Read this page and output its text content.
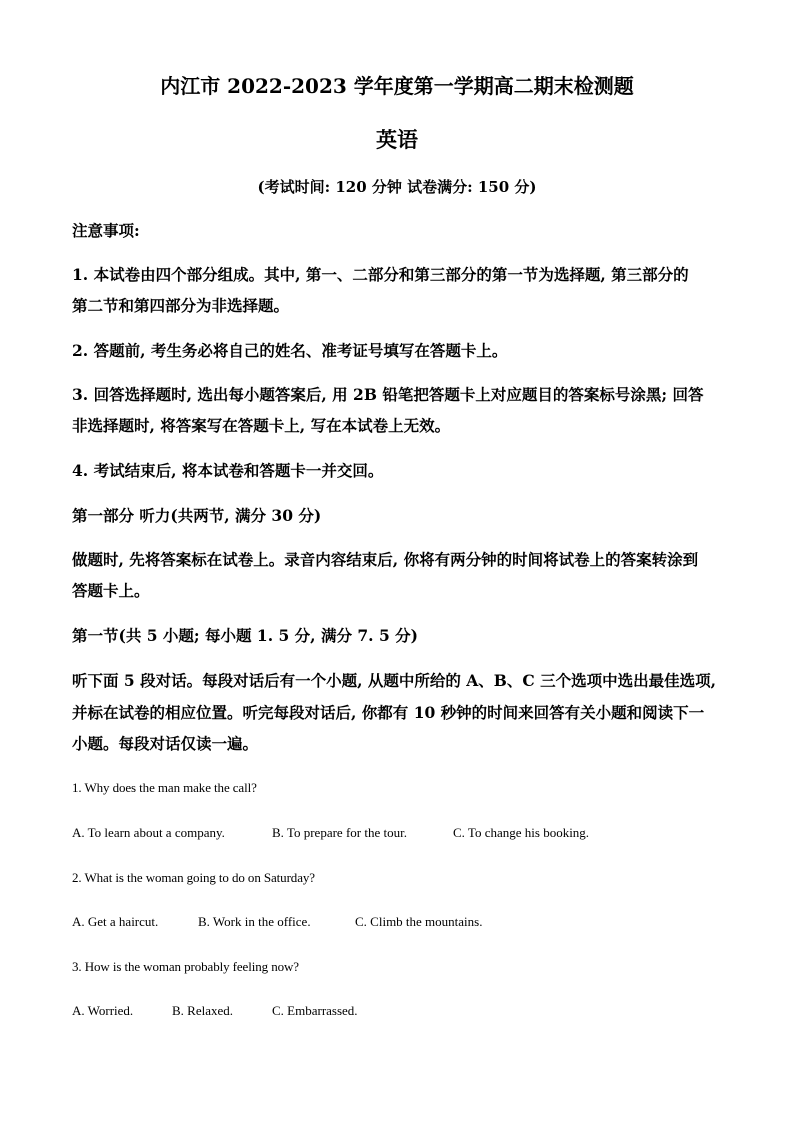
内江市 2022-2023 学年度第一学期高二期末检测题
英语
(考试时间: 120 分钟 试卷满分: 150 分)
注意事项:
1. 本试卷由四个部分组成。其中, 第一、二部分和第三部分的第一节为选择题, 第三部分的
第二节和第四部分为非选择题。
2. 答题前, 考生务必将自己的姓名、准考证号填写在答题卡上。
3. 回答选择题时, 选出每小题答案后, 用 2B 铅笔把答题卡上对应题目的答案标号涂黑; 回答
非选择题时, 将答案写在答题卡上, 写在本试卷上无效。
4. 考试结束后, 将本试卷和答题卡一并交回。
第一部分 听力(共两节, 满分 30 分)
做题时, 先将答案标在试卷上。录音内容结束后, 你将有两分钟的时间将试卷上的答案转涂到
答题卡上。
第一节(共 5 小题; 每小题 1. 5 分, 满分 7. 5 分)
听下面 5 段对话。每段对话后有一个小题, 从题中所给的 A、B、C 三个选项中选出最佳选项,
并标在试卷的相应位置。听完每段对话后, 你都有 10 秒钟的时间来回答有关小题和阅读下一
小题。每段对话仅读一遍。
1. Why does the man make the call?
A. To learn about a company.	B. To prepare for the tour.	C. To change his booking.
2. What is the woman going to do on Saturday?
A. Get a haircut.	B. Work in the office.	C. Climb the mountains.
3. How is the woman probably feeling now?
A. Worried.	B. Relaxed.	C. Embarrassed.
